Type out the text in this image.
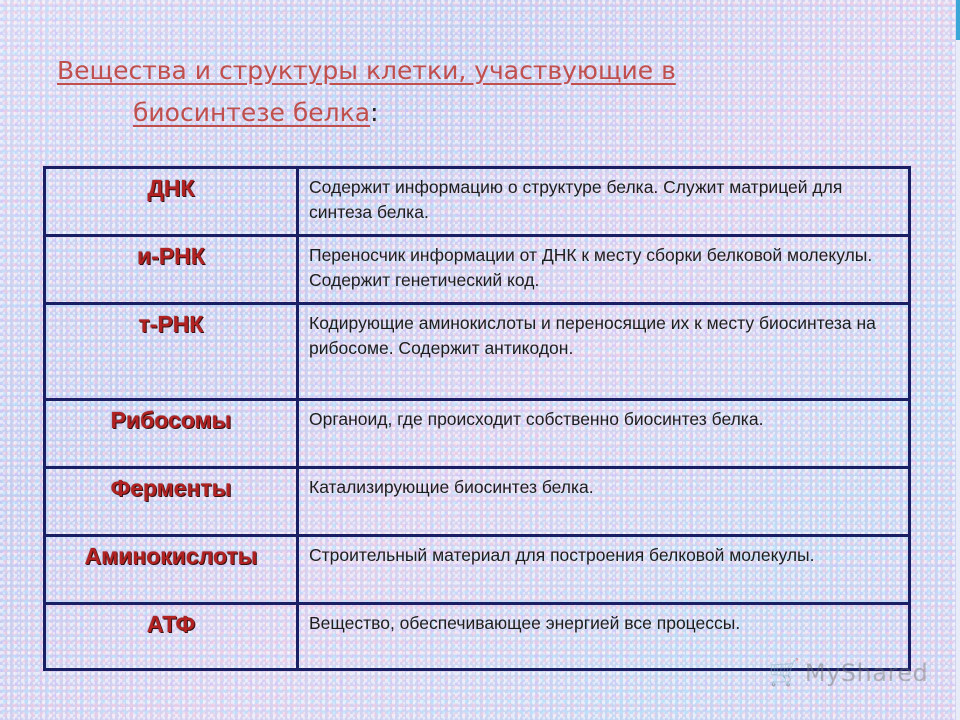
Вещества и структуры клетки, участвующие в
биосинтезе белка:
ДНК	Содержит информацию о структуре белка. Служит матрицей для синтеза белка.
и-РНК	Переносчик информации от ДНК к месту сборки белковой молекулы. Содержит генетический код.
т-РНК	Кодирующие аминокислоты и переносящие их к месту биосинтеза на рибосоме. Содержит антикодон.
Рибосомы	Органоид, где происходит собственно биосинтез белка.
Ферменты	Катализирующие биосинтез белка.
Аминокислоты	Строительный материал для построения белковой молекулы.
АТФ	Вещество, обеспечивающее энергией все процессы.
🛒 MyShared
